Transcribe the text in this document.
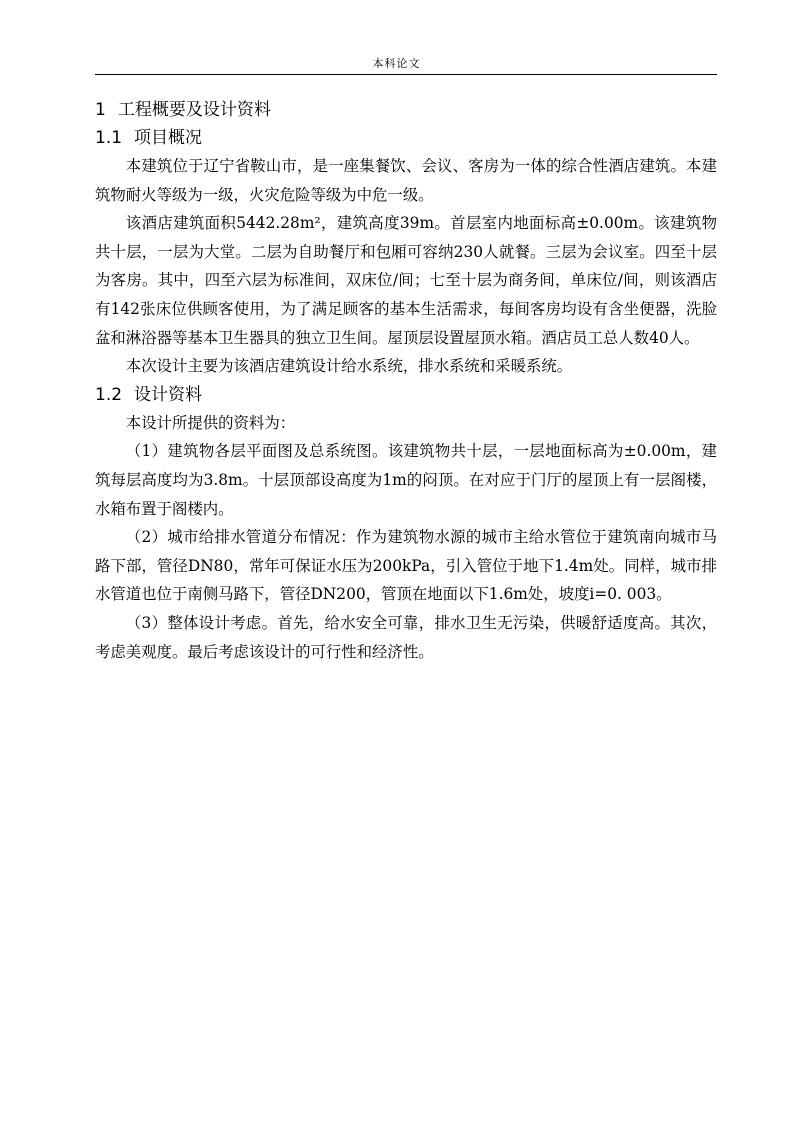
本科论文
1 工程概要及设计资料
1.1 项目概况

本建筑位于辽宁省鞍山市，是一座集餐饮、会议、客房为一体的综合性酒店建筑。本建筑物耐火等级为一级，火灾危险等级为中危一级。

该酒店建筑面积5442.28m²，建筑高度39m。首层室内地面标高±0.00m。该建筑物共十层，一层为大堂。二层为自助餐厅和包厢可容纳230人就餐。三层为会议室。四至十层为客房。其中，四至六层为标准间，双床位/间；七至十层为商务间，单床位/间，则该酒店有142张床位供顾客使用，为了满足顾客的基本生活需求，每间客房均设有含坐便器，洗脸盆和淋浴器等基本卫生器具的独立卫生间。屋顶层设置屋顶水箱。酒店员工总人数40人。

本次设计主要为该酒店建筑设计给水系统，排水系统和采暖系统。

1.2 设计资料

本设计所提供的资料为：

（1）建筑物各层平面图及总系统图。该建筑物共十层，一层地面标高为±0.00m，建筑每层高度均为3.8m。十层顶部设高度为1m的闷顶。在对应于门厅的屋顶上有一层阁楼，水箱布置于阁楼内。

（2）城市给排水管道分布情况：作为建筑物水源的城市主给水管位于建筑南向城市马路下部，管径DN80，常年可保证水压为200kPa，引入管位于地下1.4m处。同样，城市排水管道也位于南侧马路下，管径DN200，管顶在地面以下1.6m处，坡度i=0. 003。

（3）整体设计考虑。首先，给水安全可靠，排水卫生无污染，供暖舒适度高。其次，考虑美观度。最后考虑该设计的可行性和经济性。
